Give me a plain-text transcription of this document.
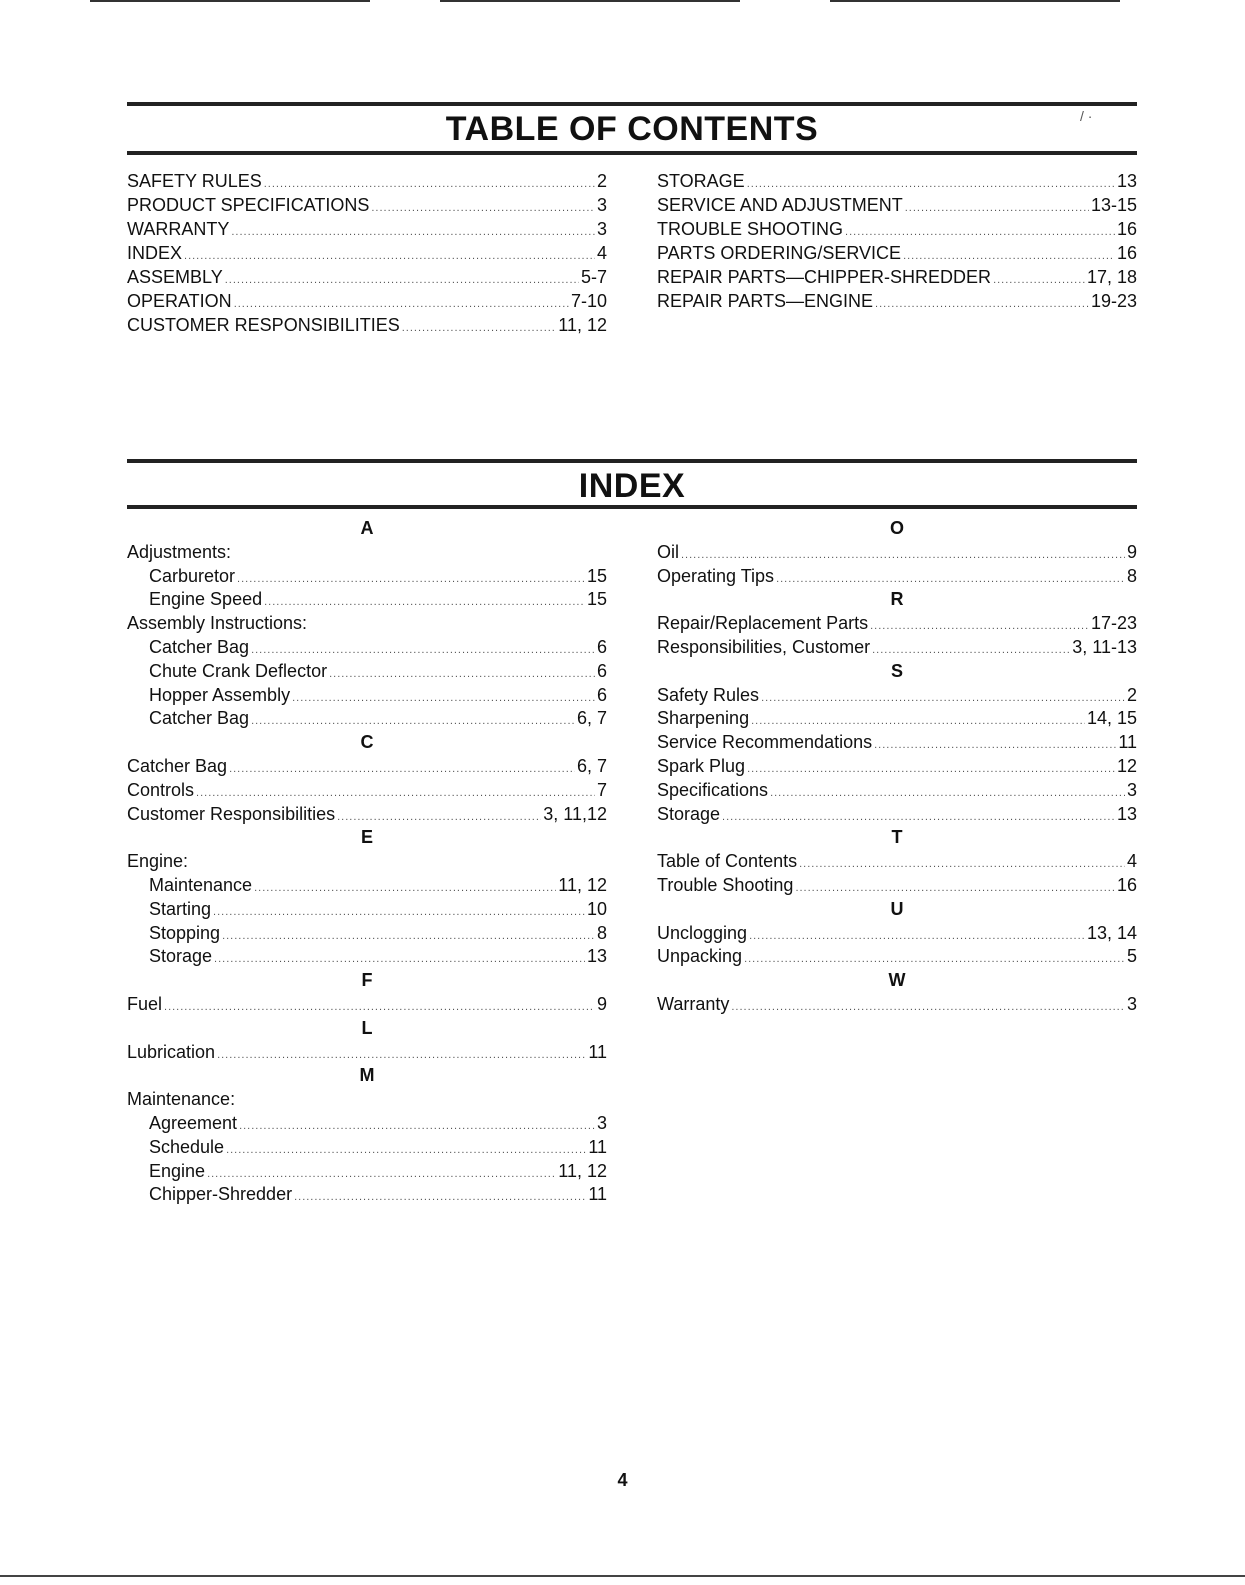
TABLE OF CONTENTS	/ ·
SAFETY RULES .....	2
PRODUCT SPECIFICATIONS .....	3
WARRANTY .....	3
INDEX .....	4
ASSEMBLY .....	5-7
OPERATION .....	7-10
CUSTOMER RESPONSIBILITIES .....	11, 12
STORAGE .....	13
SERVICE AND ADJUSTMENT .....	13-15
TROUBLE SHOOTING .....	16
PARTS ORDERING/SERVICE .....	16
REPAIR PARTS—CHIPPER-SHREDDER .....	17, 18
REPAIR PARTS—ENGINE .....	19-23
INDEX
A
Adjustments:
Carburetor .....	15
Engine Speed .....	15
Assembly Instructions:
Catcher Bag .....	6
Chute Crank Deflector .....	6
Hopper Assembly .....	6
Catcher Bag .....	6, 7
C
Catcher Bag .....	6, 7
Controls .....	7
Customer Responsibilities .....	3, 11,12
E
Engine:
Maintenance .....	11, 12
Starting .....	10
Stopping .....	8
Storage .....	13
F
Fuel .....	9
L
Lubrication .....	11
M
Maintenance:
Agreement .....	3
Schedule .....	11
Engine .....	11, 12
Chipper-Shredder .....	11
O
Oil .....	9
Operating Tips .....	8
R
Repair/Replacement Parts .....	17-23
Responsibilities, Customer .....	3, 11-13
S
Safety Rules .....	2
Sharpening .....	14, 15
Service Recommendations .....	11
Spark Plug .....	12
Specifications .....	3
Storage .....	13
T
Table of Contents .....	4
Trouble Shooting .....	16
U
Unclogging .....	13, 14
Unpacking .....	5
W
Warranty .....	3
4
